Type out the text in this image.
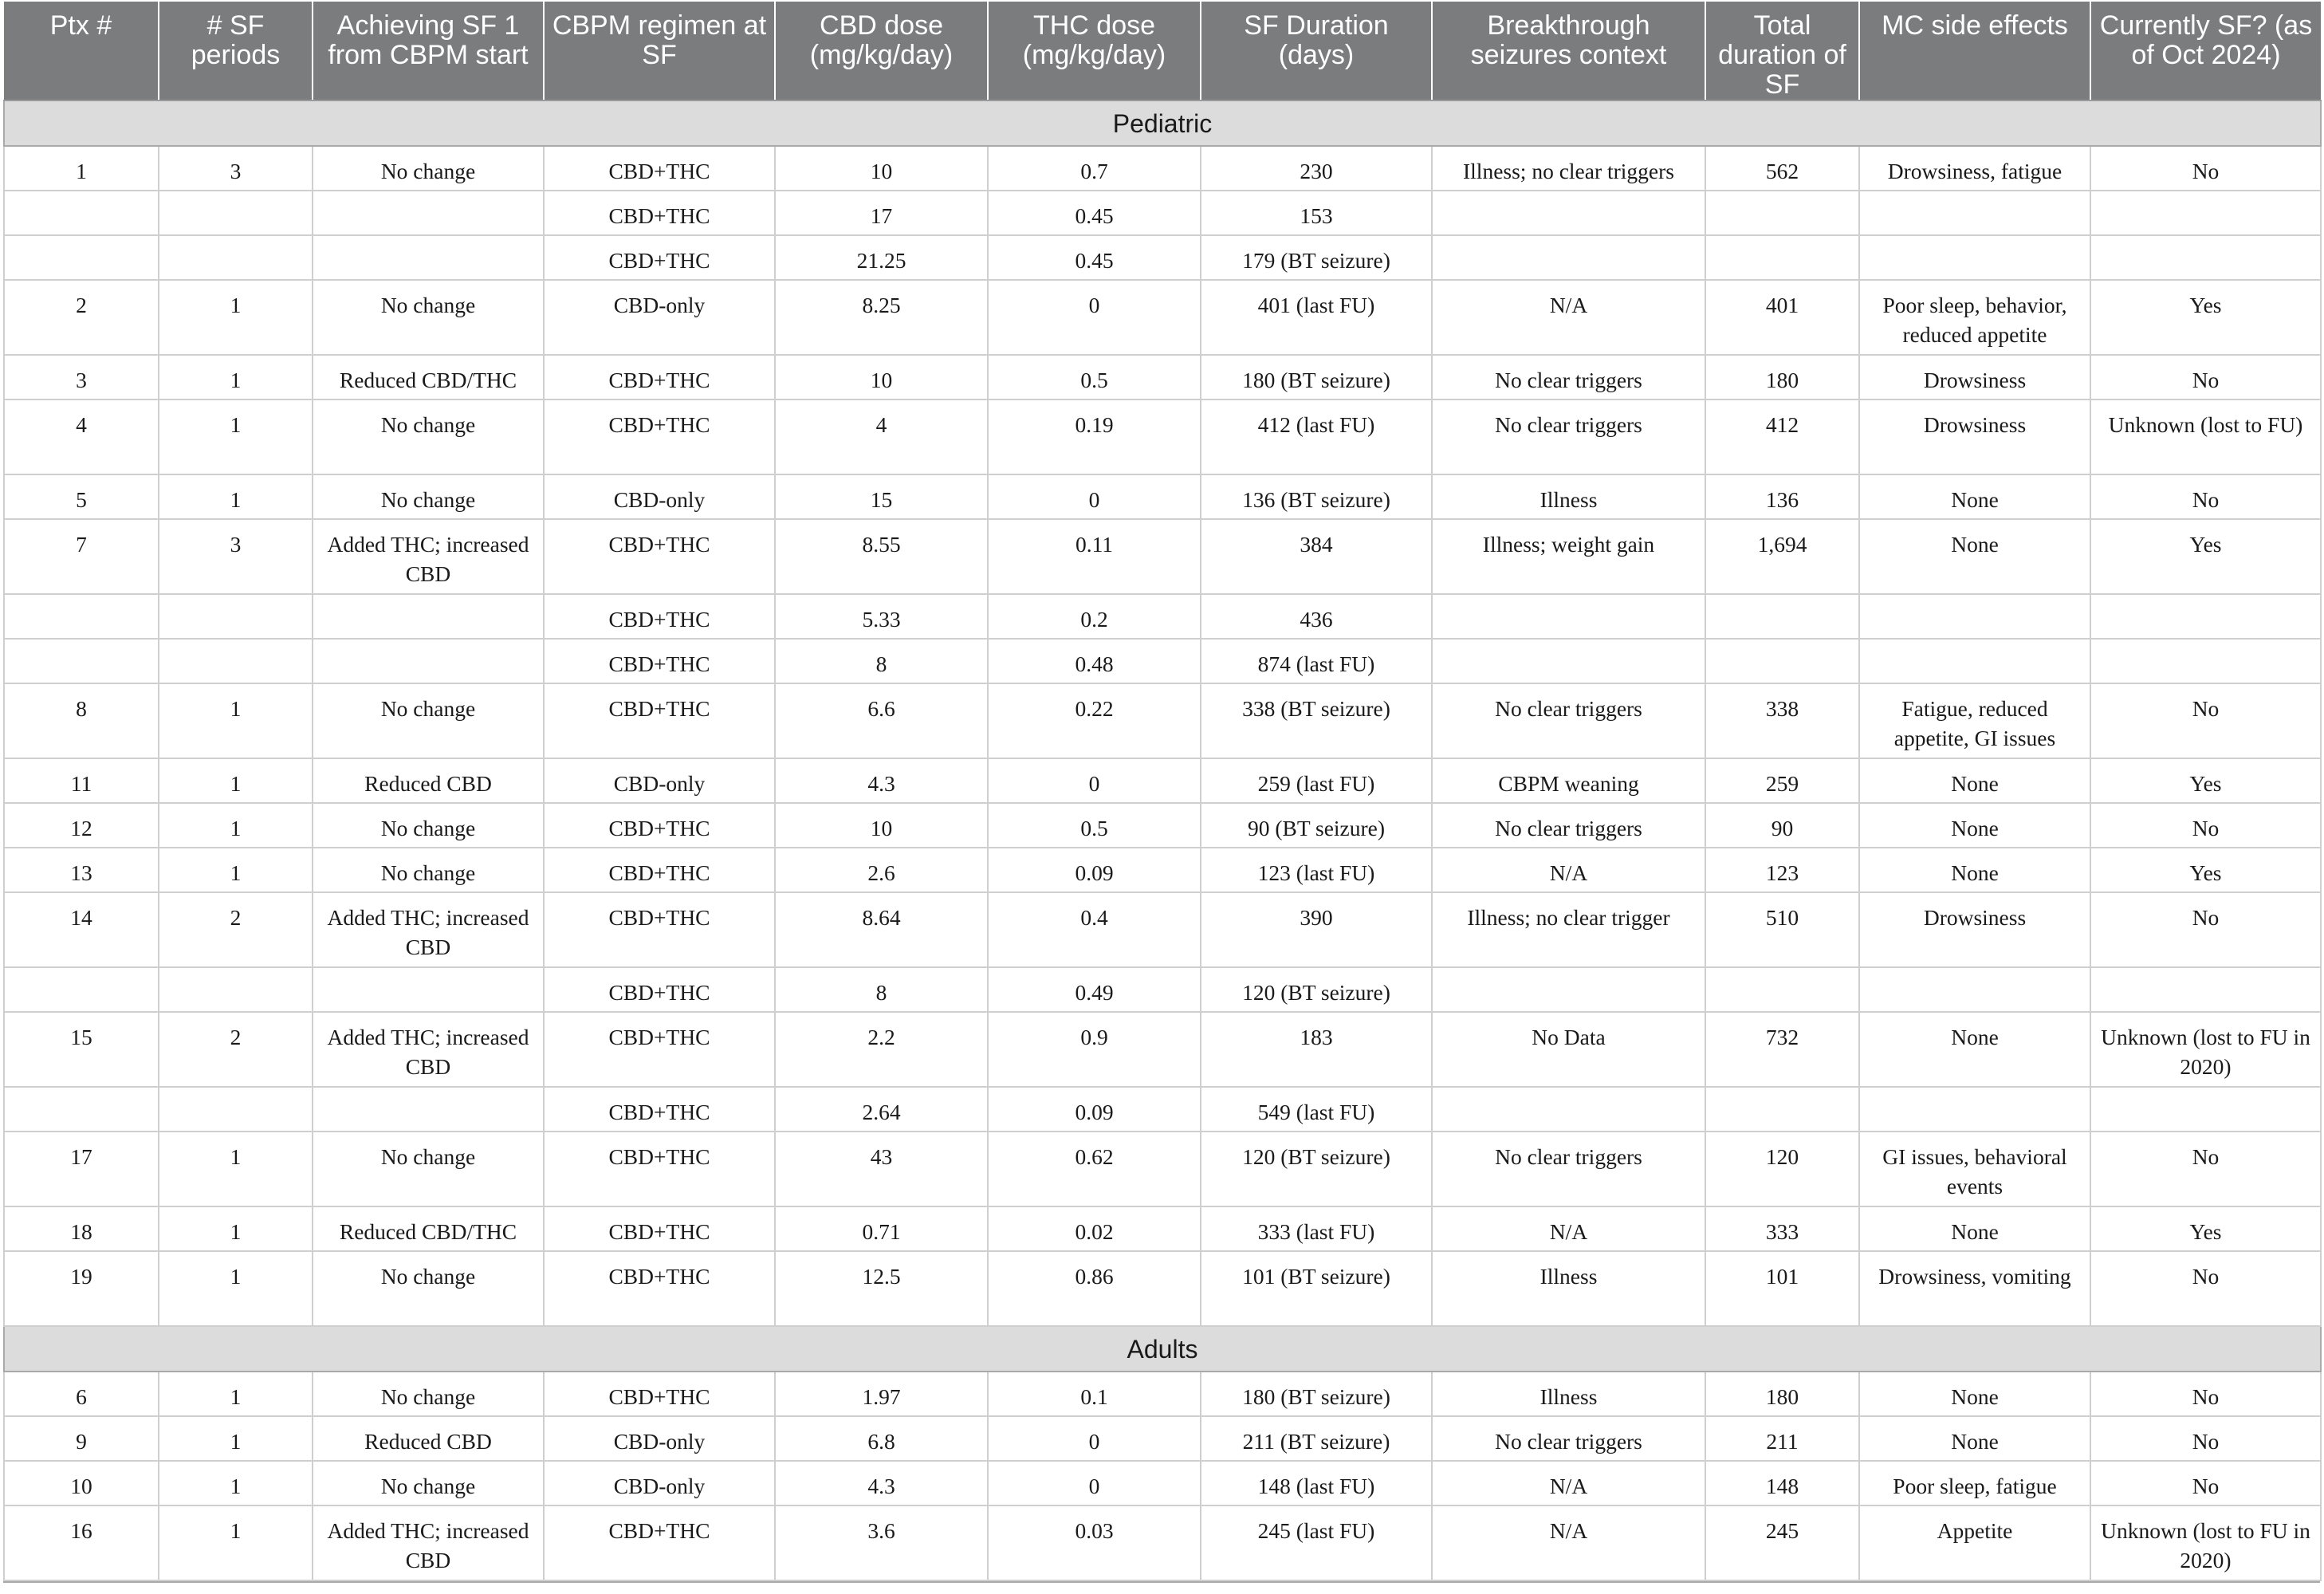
Ptx #	# SF periods	Achieving SF 1 from CBPM start	CBPM regimen at SF	CBD dose (mg/kg/day)	THC dose (mg/kg/day)	SF Duration (days)	Breakthrough seizures context	Total duration of SF	MC side effects	Currently SF? (as of Oct 2024)
Pediatric										
1	3	No change	CBD+THC	10	0.7	230	Illness; no clear triggers	562	Drowsiness, fatigue	No
			CBD+THC	17	0.45	153				
			CBD+THC	21.25	0.45	179 (BT seizure)				
2	1	No change	CBD-only	8.25	0	401 (last FU)	N/A	401	Poor sleep, behavior, reduced appetite	Yes
3	1	Reduced CBD/THC	CBD+THC	10	0.5	180 (BT seizure)	No clear triggers	180	Drowsiness	No
4	1	No change	CBD+THC	4	0.19	412 (last FU)	No clear triggers	412	Drowsiness	Unknown (lost to FU)
5	1	No change	CBD-only	15	0	136 (BT seizure)	Illness	136	None	No
7	3	Added THC; increased CBD	CBD+THC	8.55	0.11	384	Illness; weight gain	1,694	None	Yes
			CBD+THC	5.33	0.2	436				
			CBD+THC	8	0.48	874 (last FU)				
8	1	No change	CBD+THC	6.6	0.22	338 (BT seizure)	No clear triggers	338	Fatigue, reduced appetite, GI issues	No
11	1	Reduced CBD	CBD-only	4.3	0	259 (last FU)	CBPM weaning	259	None	Yes
12	1	No change	CBD+THC	10	0.5	90 (BT seizure)	No clear triggers	90	None	No
13	1	No change	CBD+THC	2.6	0.09	123 (last FU)	N/A	123	None	Yes
14	2	Added THC; increased CBD	CBD+THC	8.64	0.4	390	Illness; no clear trigger	510	Drowsiness	No
			CBD+THC	8	0.49	120 (BT seizure)				
15	2	Added THC; increased CBD	CBD+THC	2.2	0.9	183	No Data	732	None	Unknown (lost to FU in 2020)
			CBD+THC	2.64	0.09	549 (last FU)				
17	1	No change	CBD+THC	43	0.62	120 (BT seizure)	No clear triggers	120	GI issues, behavioral events	No
18	1	Reduced CBD/THC	CBD+THC	0.71	0.02	333 (last FU)	N/A	333	None	Yes
19	1	No change	CBD+THC	12.5	0.86	101 (BT seizure)	Illness	101	Drowsiness, vomiting	No
Adults										
6	1	No change	CBD+THC	1.97	0.1	180 (BT seizure)	Illness	180	None	No
9	1	Reduced CBD	CBD-only	6.8	0	211 (BT seizure)	No clear triggers	211	None	No
10	1	No change	CBD-only	4.3	0	148 (last FU)	N/A	148	Poor sleep, fatigue	No
16	1	Added THC; increased CBD	CBD+THC	3.6	0.03	245 (last FU)	N/A	245	Appetite	Unknown (lost to FU in 2020)
